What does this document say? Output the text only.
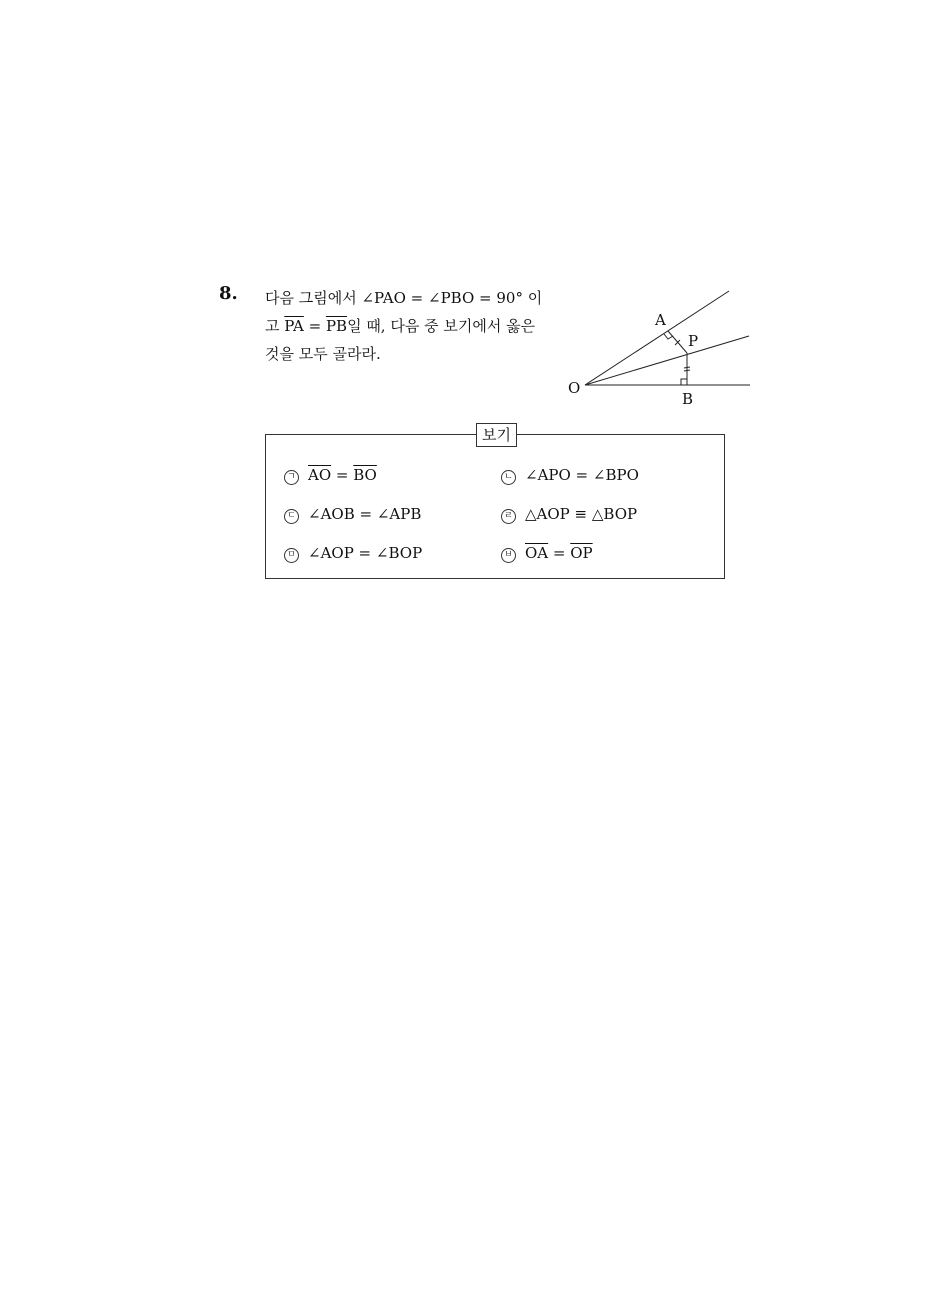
8. 다음 그림에서 ∠PAO = ∠PBO = 90° 이
고 $\overline{PA} = \overline{PB}$일 때, 다음 중 보기에서 옳은
것을 모두 골라라.
A
P
O
B
보기
ㄱ $\overline{AO} = \overline{BO}$	ㄴ ∠APO = ∠BPO
ㄷ ∠AOB = ∠APB	ㄹ △AOP ≡ △BOP
ㅁ ∠AOP = ∠BOP	ㅂ $\overline{OA} = \overline{OP}$
